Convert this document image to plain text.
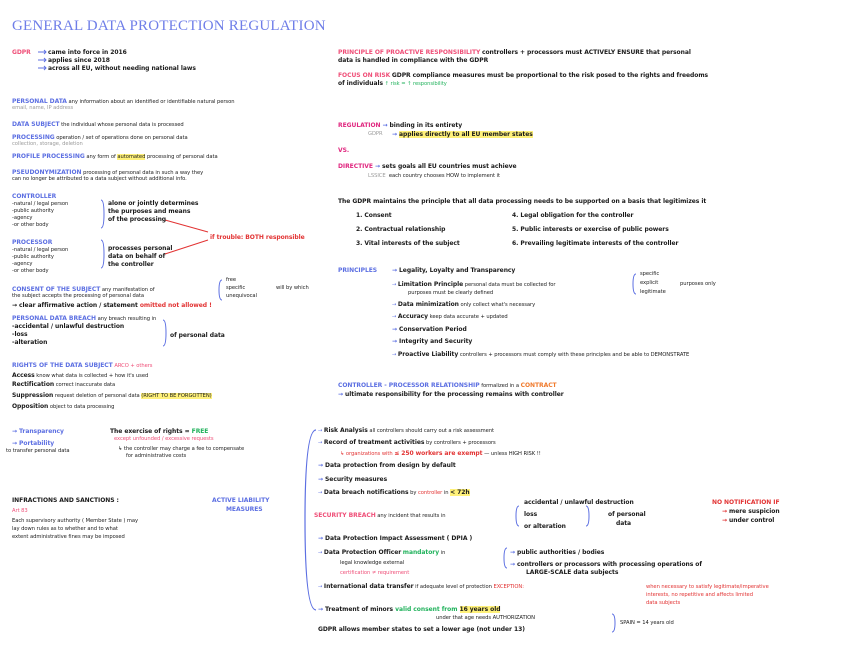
GENERAL DATA PROTECTION REGULATION
GDPR	came into force in 2016
applies since 2018
across all EU, without needing national laws
PERSONAL DATA any information about an identified or identifiable natural person
email, name, IP address
DATA SUBJECT the individual whose personal data is processed
PROCESSING operation / set of operations done on personal data
collection, storage, deletion
PROFILE PROCESSING any form of automated processing of personal data
PSEUDONYMIZATION processing of personal data in such a way they
can no longer be attributed to a data subject without additional info.
CONTROLLER
-natural / legal person
-public authority
-agency
-or other body
alone or jointly determines
the purposes and means
of the processing
if trouble: BOTH responsible
PROCESSOR
-natural / legal person
-public authority
-agency
-or other body
processes personal
data on behalf of
the controller
CONSENT OF THE SUBJECT any manifestation of
the subject accepts the processing of personal data
free
specific
unequivocal
will by which
→ clear affirmative action / statement omitted not allowed !
PERSONAL DATA BREACH any breach resulting in
-accidental / unlawful destruction
-loss
-alteration
of personal data
RIGHTS OF THE DATA SUBJECT ARCO + others
Access know what data is collected + how it's used
Rectification correct inaccurate data
Suppression request deletion of personal data (RIGHT TO BE FORGOTTEN)
Opposition object to data processing
→ Transparency
→ Portability
to transfer personal data
The exercise of rights = FREE
except unfounded / excessive requests
↳ the controller may charge a fee to compensate
for administrative costs
INFRACTIONS AND SANCTIONS :
Art 83
Each supervisory authority ( Member State ) may
lay down rules as to whether and to what
extent administrative fines may be imposed
ACTIVE LIABILITY
MEASURES
PRINCIPLE OF PROACTIVE RESPONSIBILITY controllers + processors must ACTIVELY ENSURE that personal
data is handled in compliance with the GDPR
FOCUS ON RISK GDPR compliance measures must be proportional to the risk posed to the rights and freedoms
of individuals ↑ risk = ↑ responsibility
REGULATION → binding in its entirety
GDPR → applies directly to all EU member states
VS.
DIRECTIVE → sets goals all EU countries must achieve
LSSICE each country chooses HOW to implement it
The GDPR maintains the principle that all data processing needs to be supported on a basis that legitimizes it
1. Consent
2. Contractual relationship
3. Vital interests of the subject
4. Legal obligation for the controller
5. Public interests or exercise of public powers
6. Prevailing legitimate interests of the controller
PRINCIPLES → Legality, Loyalty and Transparency
→ Limitation Principle personal data must be collected for
purposes must be clearly defined
specific
explicit
legitimate
purposes only
→ Data minimization only collect what's necessary
→ Accuracy keep data accurate + updated
→ Conservation Period
→ Integrity and Security
→ Proactive Liability controllers + processors must comply with these principles and be able to DEMONSTRATE
CONTROLLER - PROCESSOR RELATIONSHIP formalized in a CONTRACT
→ ultimate responsibility for the processing remains with controller
→ Risk Analysis all controllers should carry out a risk assessment
→ Record of treatment activities by controllers + processors
↳ organizations with ≤ 250 workers are exempt — unless HIGH RISK !!
→ Data protection from design by default
→ Security measures
→ Data breach notifications by controller in < 72h
SECURITY BREACH any incident that results in
accidental / unlawful destruction
loss
or alteration
of personal
data
NO NOTIFICATION IF
→ mere suspicion
→ under control
→ Data Protection Impact Assessment ( DPIA )
→ Data Protection Officer mandatory in	→ public authorities / bodies
→ controllers or processors with processing operations of
LARGE-SCALE data subjects
legal knowledge external
certification ≠ requirement
→ International data transfer if adequate level of protection EXCEPTION:	when necessary to satisfy legitimate/imperative
interests, no repetitive and affects limited
data subjects
→ Treatment of minors valid consent from 16 years old
under that age needs AUTHORIZATION
GDPR allows member states to set a lower age (not under 13)
SPAIN = 14 years old
